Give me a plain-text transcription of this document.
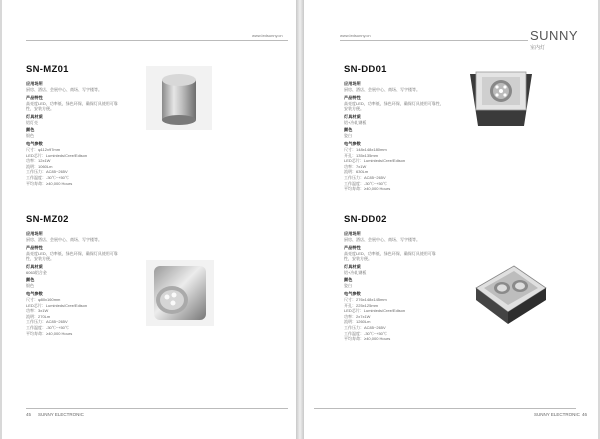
www.ledsunny.cn
SN-MZ01
应用场所
厨房、酒店、会展中心、商场、写字楼等。
产品特性
高亮度LED，功率低，绿色环保，确保灯具使用可靠
性，安装方便。
灯具材质
铝灯壳
颜色
银色
电气参数
尺寸：φ112x97mm
LED芯片：Luminleds/Cree/Edison
功率：12x1W
流明：1060Lm
工作压力：AC85~265V
工作温度：-30℃~+50℃
平均寿命：≥40,000 Hours
SN-MZ02
应用场所
厨房、酒店、会展中心、商场、写字楼等。
产品特性
高亮度LED，功率低，绿色环保，确保灯具使用可靠
性，安装方便。
灯具材质
6063铝合金
颜色
银色
电气参数
尺寸：φ80x160mm
LED芯片：Luminleds/Cree/Edison
功率：3x1W
流明：270Lm
工作压力：AC85~265V
工作温度：-30℃~+50℃
平均寿命：≥40,000 Hours
45 SUNNY ELECTRONIC
www.ledsunny.cn	SUNNY
室内灯
SN-DD01
应用场所
厨房、酒店、会展中心、商场、写字楼等。
产品特性
高亮度LED，功率低，绿色环保，确保灯具使用可靠性，
安装方便。
灯具材质
铝+冷轧钢板
颜色
瓷白
电气参数
尺寸：148x148x180mm
开孔：135x135mm
LED芯片：Luminleds/Cree/Edison
功率：7x1W
流明：630Lm
工作压力：AC85~265V
工作温度：-30℃~+50℃
平均寿命：≥40,000 Hours
SN-DD02
应用场所
厨房、酒店、会展中心、商场、写字楼等。
产品特性
高亮度LED，功率低，绿色环保，确保灯具使用可靠
性，安装方便。
灯具材质
铝+冷轧钢板
颜色
瓷白
电气参数
尺寸：276x148x145mm
开孔：225x125mm
LED芯片：Luminleds/Cree/Edison
功率：2x7x1W
流明：1260Lm
工作压力：AC85~265V
工作温度：-30℃~+50℃
平均寿命：≥40,000 Hours
SUNNY ELECTRONIC 46
